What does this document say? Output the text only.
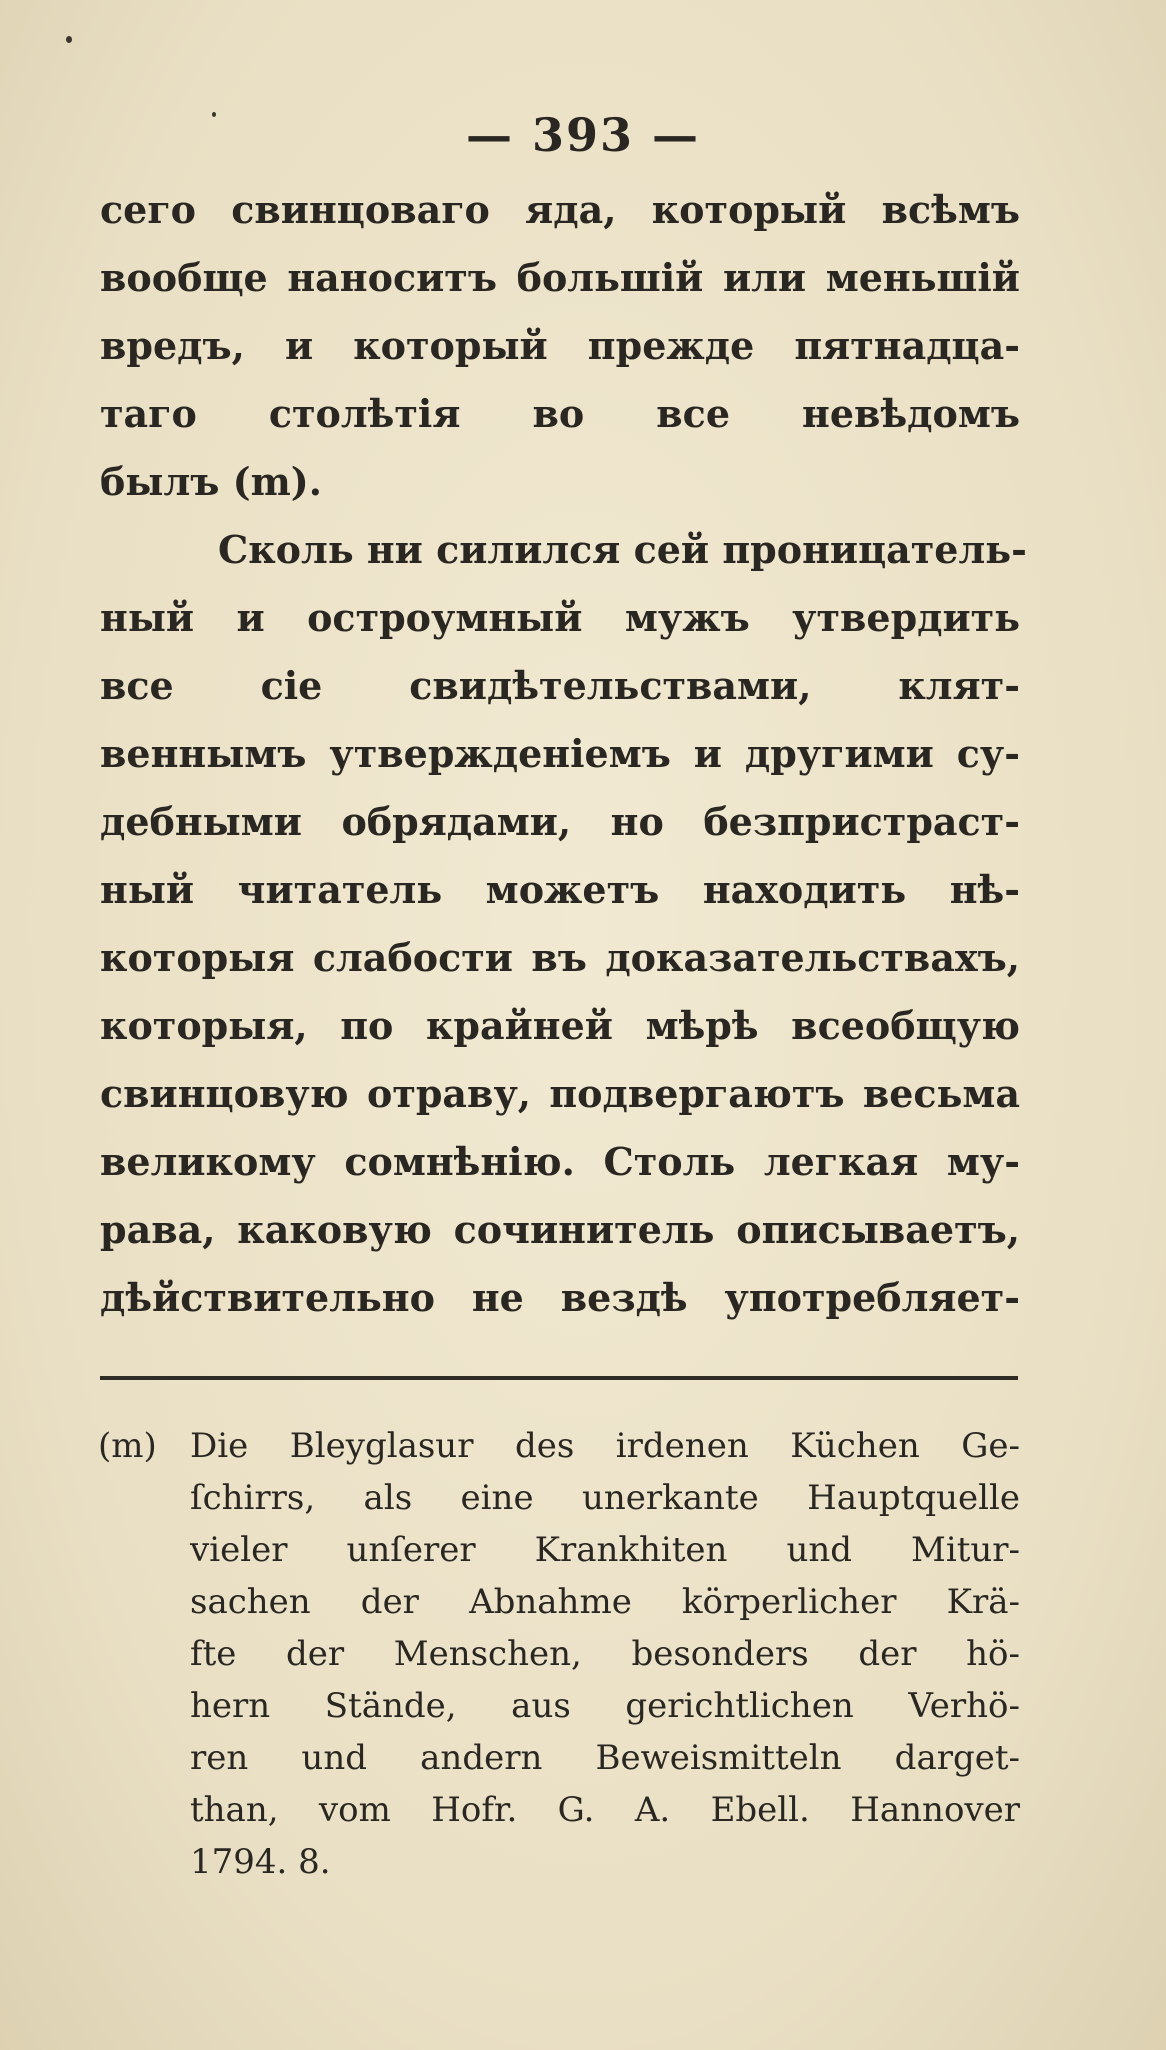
— 393 —
сего свинцоваго яда, который всѣмъ
вообще наноситъ большій или меньшій
вредъ, и который прежде пятнадца-
таго столѣтія во все невѣдомъ
былъ (m).
Сколь ни силился сей проницатель-
ный и остроумный мужъ утвердить
все сіе свидѣтельствами, клят-
веннымъ утвержденіемъ и другими су-
дебными обрядами, но безпристраст-
ный читатель можетъ находить нѣ-
которыя слабости въ доказательствахъ,
которыя, по крайней мѣрѣ всеобщую
свинцовую отраву, подвергаютъ весьма
великому сомнѣнію. Столь легкая му-
рава, каковую сочинитель описываетъ,
дѣйствительно не вездѣ употребляет-
(m) Die Bleyglasur des irdenen Küchen Ge-
ſchirrs, als eine unerkante Hauptquelle
vieler unſerer Krankhiten und Mitur-
sachen der Abnahme körperlicher Krä-
fte der Menschen, besonders der hö-
hern Stände, aus gerichtlichen Verhö-
ren und andern Beweismitteln darget-
than, vom Hofr. G. A. Ebell. Hannover
1794. 8.
